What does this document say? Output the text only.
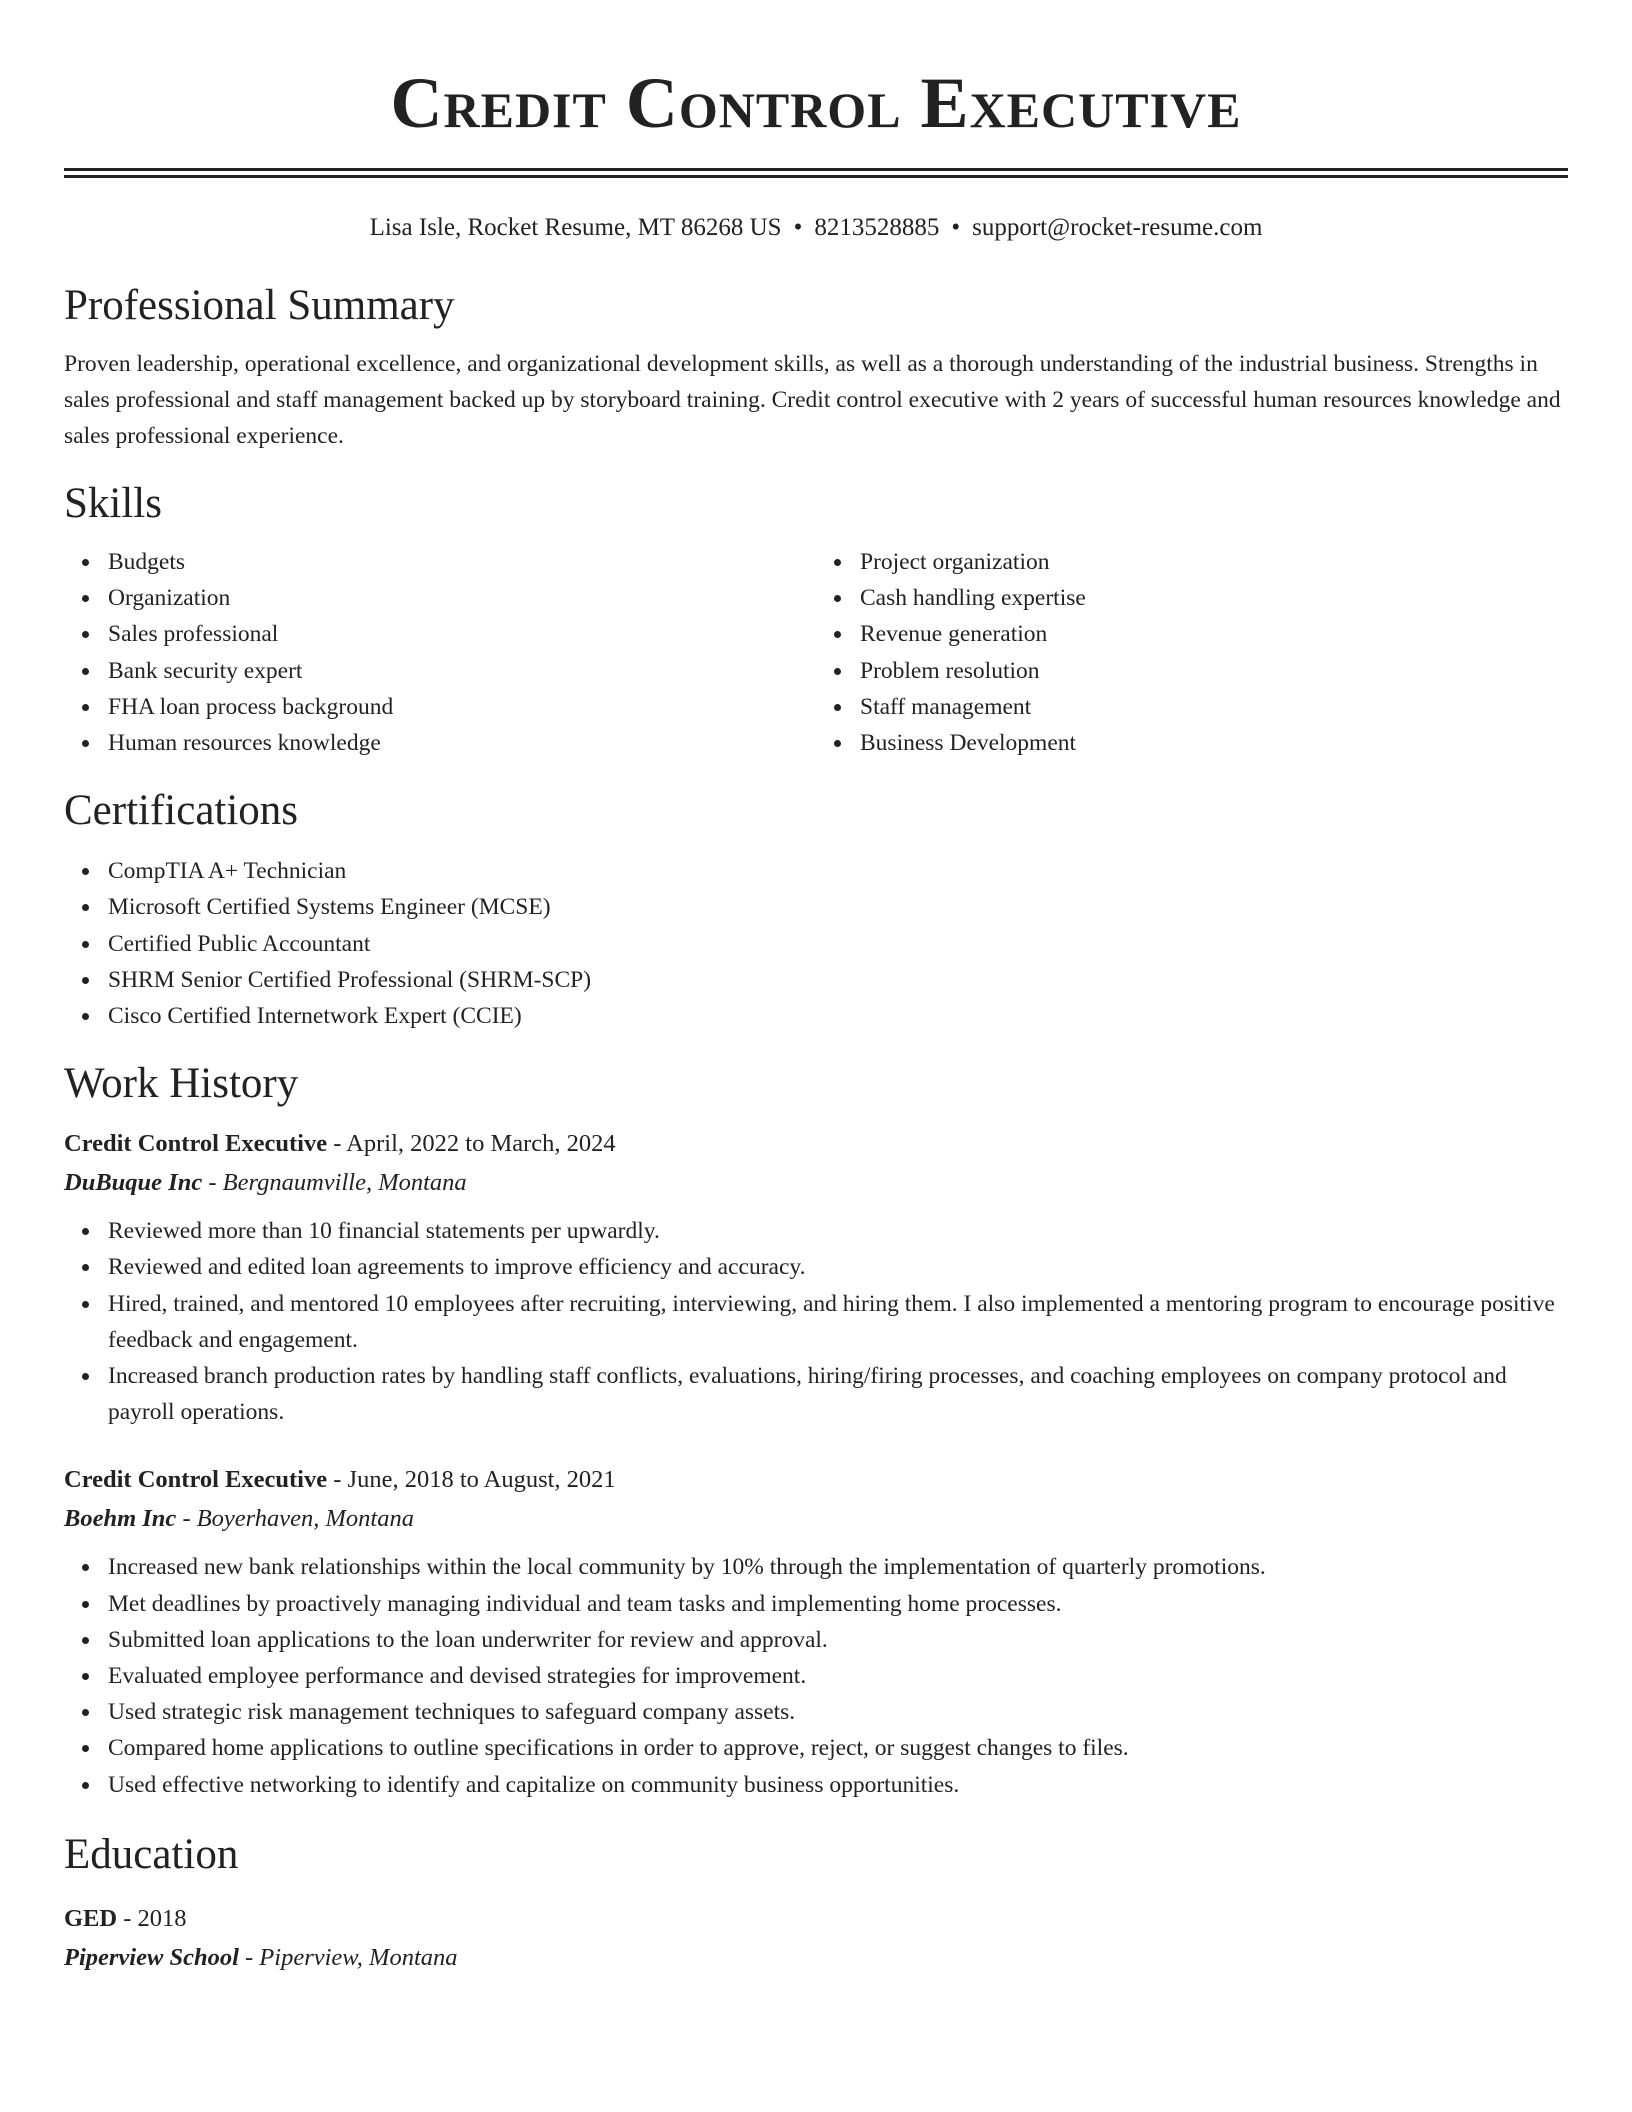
Credit Control Executive
Lisa Isle, Rocket Resume, MT 86268 US • 8213528885 • support@rocket-resume.com
Professional Summary

Proven leadership, operational excellence, and organizational development skills, as well as a thorough understanding of the industrial business. Strengths in sales professional and staff management backed up by storyboard training. Credit control executive with 2 years of successful human resources knowledge and sales professional experience.

Skills
Budgets
Organization
Sales professional
Bank security expert
FHA loan process background
Human resources knowledge
Project organization
Cash handling expertise
Revenue generation
Problem resolution
Staff management
Business Development
Certifications
CompTIA A+ Technician
Microsoft Certified Systems Engineer (MCSE)
Certified Public Accountant
SHRM Senior Certified Professional (SHRM-SCP)
Cisco Certified Internetwork Expert (CCIE)
Work History
Credit Control Executive - April, 2022 to March, 2024
DuBuque Inc - Bergnaumville, Montana
Reviewed more than 10 financial statements per upwardly.
Reviewed and edited loan agreements to improve efficiency and accuracy.
Hired, trained, and mentored 10 employees after recruiting, interviewing, and hiring them. I also implemented a mentoring program to encourage positive feedback and engagement.
Increased branch production rates by handling staff conflicts, evaluations, hiring/firing processes, and coaching employees on company protocol and payroll operations.
Credit Control Executive - June, 2018 to August, 2021
Boehm Inc - Boyerhaven, Montana
Increased new bank relationships within the local community by 10% through the implementation of quarterly promotions.
Met deadlines by proactively managing individual and team tasks and implementing home processes.
Submitted loan applications to the loan underwriter for review and approval.
Evaluated employee performance and devised strategies for improvement.
Used strategic risk management techniques to safeguard company assets.
Compared home applications to outline specifications in order to approve, reject, or suggest changes to files.
Used effective networking to identify and capitalize on community business opportunities.
Education
GED - 2018
Piperview School - Piperview, Montana
